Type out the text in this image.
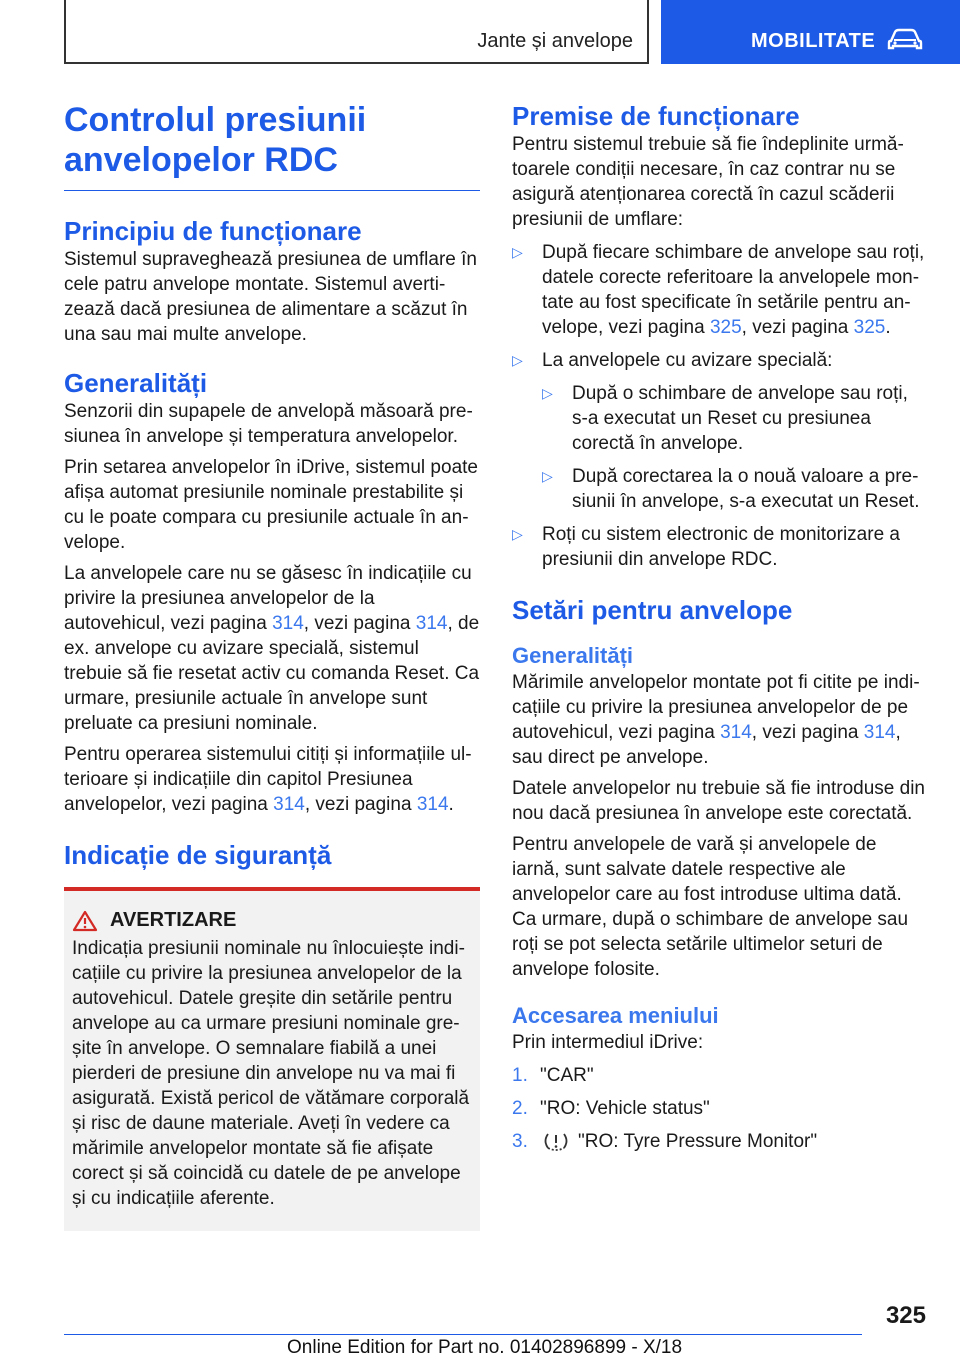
Jante și anvelope	MOBILITATE
Controlul presiunii
anvelopelor RDC
Principiu de funcționare

Sistemul supraveghează presiunea de umflare în cele patru anvelope montate. Sistemul avertizează dacă presiunea de alimentare a scăzut în una sau mai multe anvelope.

Generalități

Senzorii din supapele de anvelopă măsoară presiunea în anvelope și temperatura anvelopelor.

Prin setarea anvelopelor în iDrive, sistemul poate afișa automat presiunile nominale prestabilite și cu le poate compara cu presiunile actuale în anvelope.

La anvelopele care nu se găsesc în indicațiile cu privire la presiunea anvelopelor de la autovehicul, vezi pagina 314, vezi pagina 314, de ex. anvelope cu avizare specială, sistemul trebuie să fie resetat activ cu comanda Reset. Ca urmare, presiunile actuale în anvelope sunt preluate ca presiuni nominale.

Pentru operarea sistemului citiți și informațiile ulterioare și indicațiile din capitol Presiunea anvelopelor, vezi pagina 314, vezi pagina 314.

Indicație de siguranță
AVERTIZARE

Indicația presiunii nominale nu înlocuiește indicațiile cu privire la presiunea anvelopelor de la autovehicul. Datele greșite din setările pentru anvelope au ca urmare presiuni nominale greșite în anvelope. O semnalare fiabilă a unei pierderi de presiune din anvelope nu va mai fi asigurată. Există pericol de vătămare corporală și risc de daune materiale. Aveți în vedere ca mărimile anvelopelor montate să fie afișate corect și să coincidă cu datele de pe anvelope și cu indicațiile aferente.

Premise de funcționare

Pentru sistemul trebuie să fie îndeplinite următoarele condiții necesare, în caz contrar nu se asigură atenționarea corectă în cazul scăderii presiunii de umflare:

▷	După fiecare schimbare de anvelope sau roți, datele corecte referitoare la anvelopele montate au fost specificate în setările pentru anvelope, vezi pagina 325, vezi pagina 325.
▷	La anvelopele cu avizare specială:
▷	După o schimbare de anvelope sau roți, s-a executat un Reset cu presiunea corectă în anvelope.
▷	După corectarea la o nouă valoare a presiunii în anvelope, s-a executat un Reset.
▷	Roți cu sistem electronic de monitorizare a presiunii din anvelope RDC.
Setări pentru anvelope
Generalități

Mărimile anvelopelor montate pot fi citite pe indicațiile cu privire la presiunea anvelopelor de pe autovehicul, vezi pagina 314, vezi pagina 314, sau direct pe anvelope.

Datele anvelopelor nu trebuie să fie introduse din nou dacă presiunea în anvelope este corectată.

Pentru anvelopele de vară și anvelopele de iarnă, sunt salvate datele respective ale anvelopelor care au fost introduse ultima dată. Ca urmare, după o schimbare de anvelope sau roți se pot selecta setările ultimelor seturi de anvelope folosite.

Accesarea meniului

Prin intermediul iDrive:

1. "CAR"
2. "RO: Vehicle status"
3.	"RO: Tyre Pressure Monitor"
325
Online Edition for Part no. 01402896899 - X/18
